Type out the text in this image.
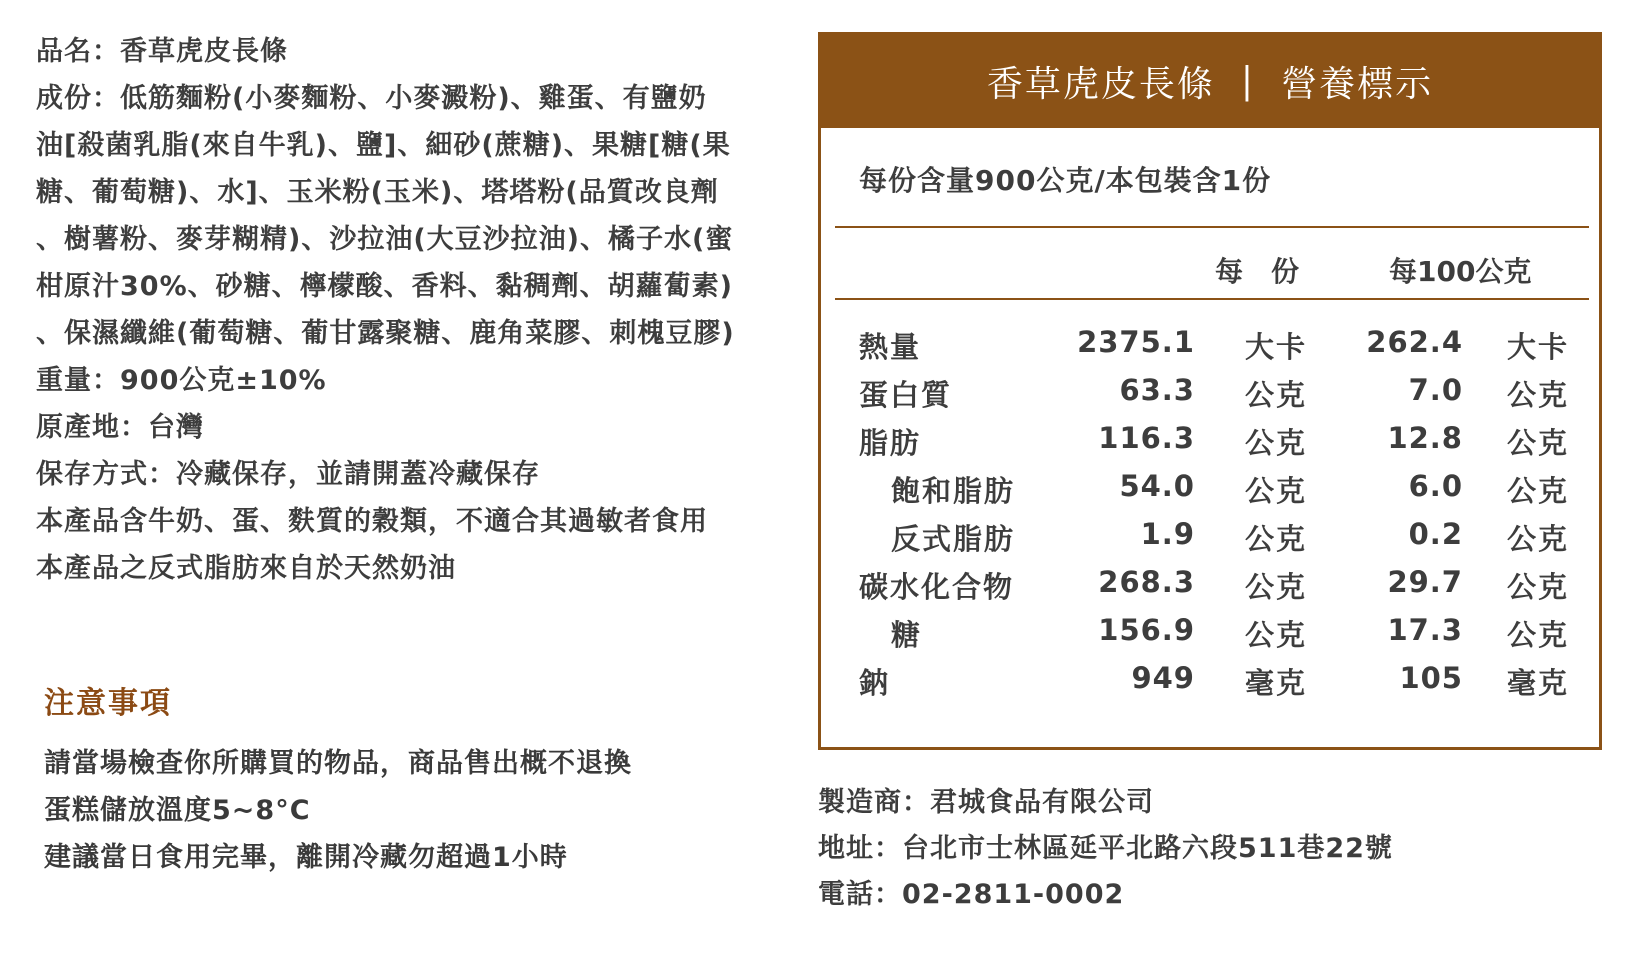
品名：香草虎皮長條
成份：低筋麵粉(小麥麵粉、小麥澱粉)、雞蛋、有鹽奶
油[殺菌乳脂(來自牛乳)、鹽]、細砂(蔗糖)、果糖[糖(果
糖、葡萄糖)、水]、玉米粉(玉米)、塔塔粉(品質改良劑
、樹薯粉、麥芽糊精)、沙拉油(大豆沙拉油)、橘子水(蜜
柑原汁30%、砂糖、檸檬酸、香料、黏稠劑、胡蘿蔔素)
、保濕纖維(葡萄糖、葡甘露聚糖、鹿角菜膠、刺槐豆膠)
重量：900公克±10%
原產地：台灣
保存方式：冷藏保存，並請開蓋冷藏保存
本產品含牛奶、蛋、麩質的穀類，不適合其過敏者食用
本產品之反式脂肪來自於天然奶油
注意事項
請當場檢查你所購買的物品，商品售出概不退換
蛋糕儲放溫度5~8°C
建議當日食用完畢，離開冷藏勿超過1小時
香草虎皮長條 | 營養標示
每份含量900公克/本包裝含1份
每　份	每100公克
熱量	2375.1 大卡 262.4 大卡
蛋白質	63.3 公克	7.0 公克
脂肪	116.3 公克	12.8 公克
飽和脂肪	54.0 公克	6.0 公克
反式脂肪	1.9 公克	0.2 公克
碳水化合物	268.3 公克	29.7 公克
糖	156.9 公克	17.3 公克
鈉	949 毫克	105 毫克
製造商：君城食品有限公司
地址：台北市士林區延平北路六段511巷22號
電話：02-2811-0002
